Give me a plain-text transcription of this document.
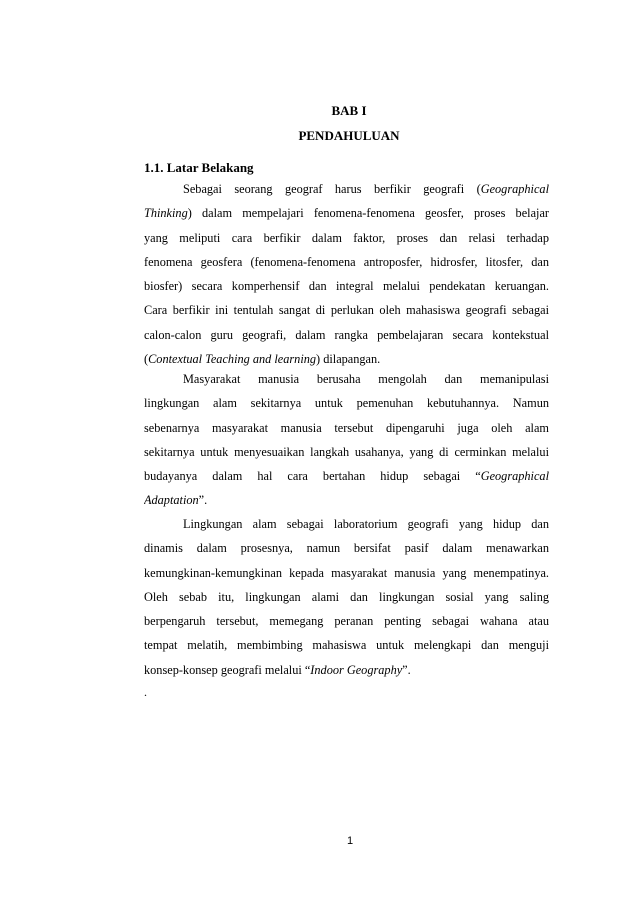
BAB I

PENDAHULUAN

1.1. Latar Belakang

Sebagai seorang geograf harus berfikir geografi (Geographical
Thinking) dalam mempelajari fenomena-fenomena geosfer, proses belajar
yang meliputi cara berfikir dalam faktor, proses dan relasi terhadap
fenomena geosfera (fenomena-fenomena antroposfer, hidrosfer, litosfer, dan
biosfer) secara komperhensif dan integral melalui pendekatan keruangan.
Cara berfikir ini tentulah sangat di perlukan oleh mahasiswa geografi sebagai
calon-calon guru geografi, dalam rangka pembelajaran secara kontekstual
(Contextual Teaching and learning) dilapangan.
Masyarakat manusia berusaha mengolah dan memanipulasi
lingkungan alam sekitarnya untuk pemenuhan kebutuhannya. Namun
sebenarnya masyarakat manusia tersebut dipengaruhi juga oleh alam
sekitarnya untuk menyesuaikan langkah usahanya, yang di cerminkan melalui
budayanya dalam hal cara bertahan hidup sebagai “Geographical
Adaptation”.
Lingkungan alam sebagai laboratorium geografi yang hidup dan
dinamis dalam prosesnya, namun bersifat pasif dalam menawarkan
kemungkinan-kemungkinan kepada masyarakat manusia yang menempatinya.
Oleh sebab itu, lingkungan alami dan lingkungan sosial yang saling
berpengaruh tersebut, memegang peranan penting sebagai wahana atau
tempat melatih, membimbing mahasiswa untuk melengkapi dan menguji
konsep-konsep geografi melalui “Indoor Geography”.

.

1
